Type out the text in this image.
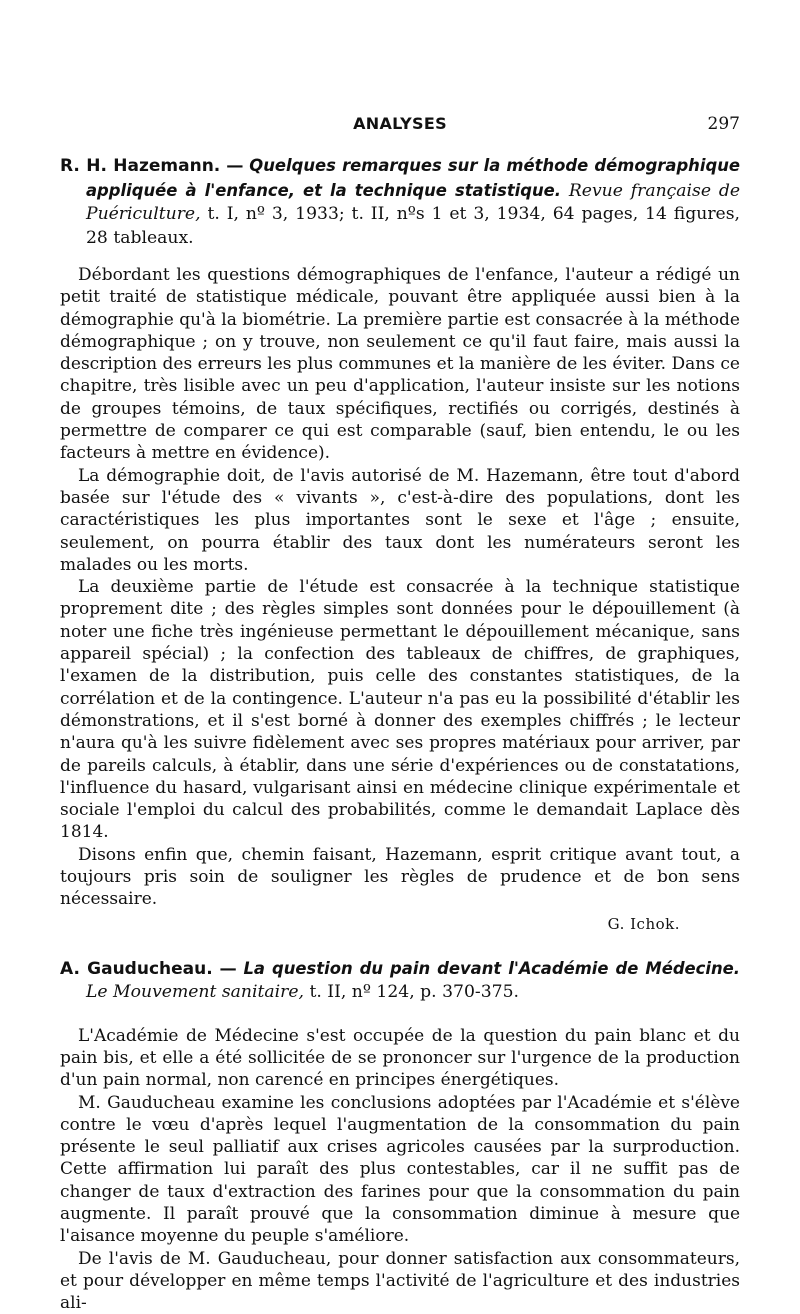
ANALYSES	297

R. H. Hazemann. — Quelques remarques sur la méthode démographique appliquée à l'enfance, et la technique statistique. Revue française de Puériculture, t. I, nº 3, 1933; t. II, nºs 1 et 3, 1934, 64 pages, 14 figures, 28 tableaux.

Débordant les questions démographiques de l'enfance, l'auteur a rédigé un petit traité de statistique médicale, pouvant être appliquée aussi bien à la démographie qu'à la biométrie. La première partie est consacrée à la méthode démographique ; on y trouve, non seulement ce qu'il faut faire, mais aussi la description des erreurs les plus communes et la manière de les éviter. Dans ce chapitre, très lisible avec un peu d'application, l'auteur insiste sur les notions de groupes témoins, de taux spécifiques, rectifiés ou corrigés, destinés à permettre de comparer ce qui est comparable (sauf, bien entendu, le ou les facteurs à mettre en évidence).

La démographie doit, de l'avis autorisé de M. Hazemann, être tout d'abord basée sur l'étude des « vivants », c'est-à-dire des populations, dont les caractéristiques les plus importantes sont le sexe et l'âge ; ensuite, seulement, on pourra établir des taux dont les numérateurs seront les malades ou les morts.

La deuxième partie de l'étude est consacrée à la technique statistique proprement dite ; des règles simples sont données pour le dépouillement (à noter une fiche très ingénieuse permettant le dépouillement mécanique, sans appareil spécial) ; la confection des tableaux de chiffres, de graphiques, l'examen de la distribution, puis celle des constantes statistiques, de la corrélation et de la contingence. L'auteur n'a pas eu la possibilité d'établir les démonstrations, et il s'est borné à donner des exemples chiffrés ; le lecteur n'aura qu'à les suivre fidèlement avec ses propres matériaux pour arriver, par de pareils calculs, à établir, dans une série d'expériences ou de constatations, l'influence du hasard, vulgarisant ainsi en médecine clinique expérimentale et sociale l'emploi du calcul des probabilités, comme le demandait Laplace dès 1814.

Disons enfin que, chemin faisant, Hazemann, esprit critique avant tout, a toujours pris soin de souligner les règles de prudence et de bon sens nécessaire.

G. Ichok.

A. Gauducheau. — La question du pain devant l'Académie de Médecine. Le Mouvement sanitaire, t. II, nº 124, p. 370-375.

L'Académie de Médecine s'est occupée de la question du pain blanc et du pain bis, et elle a été sollicitée de se prononcer sur l'urgence de la production d'un pain normal, non carencé en principes énergétiques.

M. Gauducheau examine les conclusions adoptées par l'Académie et s'élève contre le vœu d'après lequel l'augmentation de la consommation du pain présente le seul palliatif aux crises agricoles causées par la surproduction. Cette affirmation lui paraît des plus contestables, car il ne suffit pas de changer de taux d'extraction des farines pour que la consommation du pain augmente. Il paraît prouvé que la consommation diminue à mesure que l'aisance moyenne du peuple s'améliore.

De l'avis de M. Gauducheau, pour donner satisfaction aux consommateurs, et pour développer en même temps l'activité de l'agriculture et des industries ali-
